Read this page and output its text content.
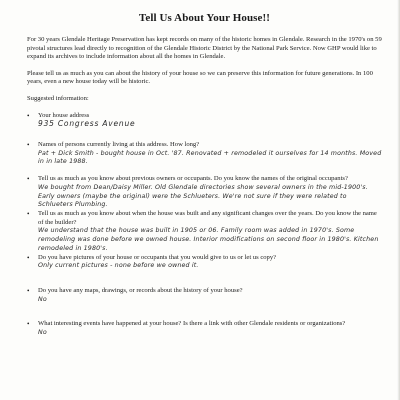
Tell Us About Your House!!

For 30 years Glendale Heritage Preservation has kept records on many of the historic homes in Glendale. Research in the 1970's on 59 pivotal structures lead directly to recognition of the Glendale Historic District by the National Park Service. Now GHP would like to expand its archives to include information about all the homes in Glendale.

Please tell us as much as you can about the history of your house so we can preserve this information for future generations. In 100 years, even a new house today will be historic.

Suggested information:

• Your house address
935 Congress Avenue
• Names of persons currently living at this address. How long?
Pat + Dick Smith - bought house in Oct. '87. Renovated + remodeled it ourselves for 14 months. Moved in in late 1988.
• Tell us as much as you know about previous owners or occupants. Do you know the names of the original occupants?
We bought from Dean/Daisy Miller. Old Glendale directories show several owners in the mid-1900's. Early owners (maybe the original) were the Schlueters. We're not sure if they were related to Schlueters Plumbing.
• Tell us as much as you know about when the house was built and any significant changes over the years. Do you know the name of the builder?
We understand that the house was built in 1905 or 06. Family room was added in 1970's. Some remodeling was done before we owned house. Interior modifications on second floor in 1980's. Kitchen remodeled in 1980's.
• Do you have pictures of your house or occupants that you would give to us or let us copy?
Only current pictures - none before we owned it.
• Do you have any maps, drawings, or records about the history of your house?
No
• What interesting events have happened at your house? Is there a link with other Glendale residents or organizations?
No
